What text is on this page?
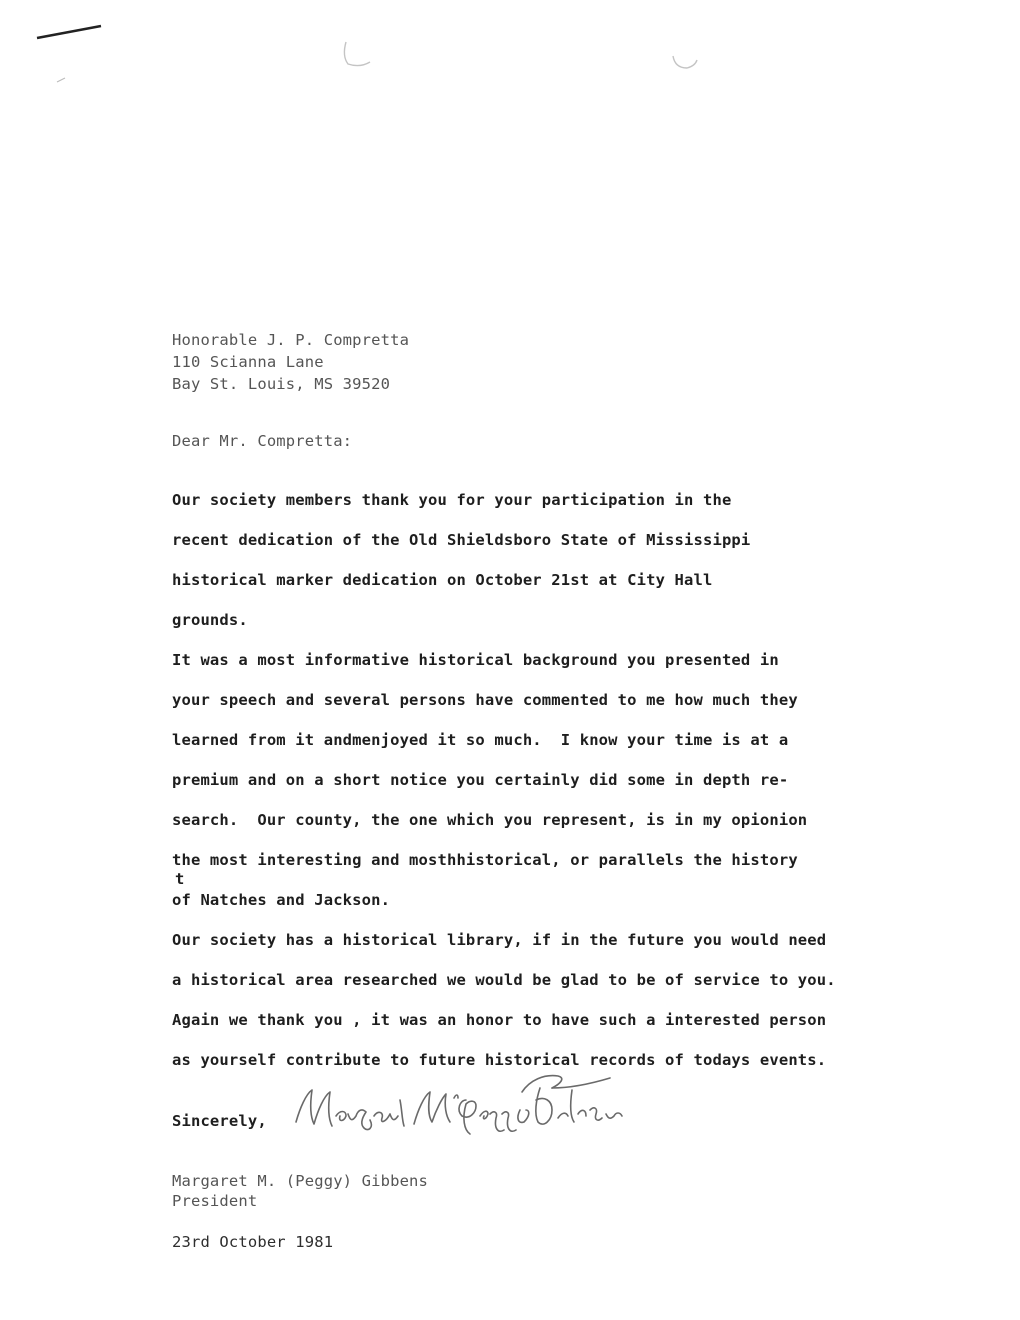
Honorable J. P. Compretta
110 Scianna Lane
Bay St. Louis, MS 39520
Dear Mr. Compretta:
Our society members thank you for your participation in the
recent dedication of the Old Shieldsboro State of Mississippi
historical marker dedication on October 21st at City Hall
grounds.
It was a most informative historical background you presented in
your speech and several persons have commented to me how much they
learned from it andmenjoyed it so much.  I know your time is at a
premium and on a short notice you certainly did some in depth re-
search.  Our county, the one which you represent, is in my opionion
the most interesting and mosthhistorical, or parallels the history
t
of Natches and Jackson.
Our society has a historical library, if in the future you would need
a historical area researched we would be glad to be of service to you.
Again we thank you , it was an honor to have such a interested person
as yourself contribute to future historical records of todays events.
Sincerely,
Margaret M. (Peggy) Gibbens
President
23rd October 1981
